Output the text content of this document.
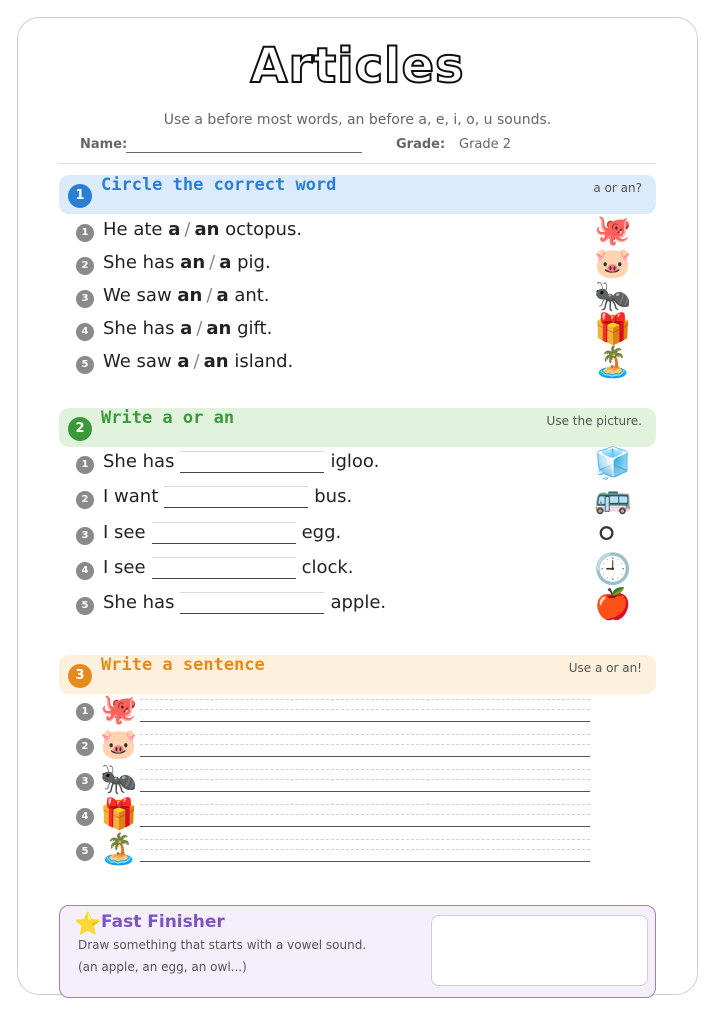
Articles
Use a before most words, an before a, e, i, o, u sounds.
Name:	Grade: Grade 2
1
Circle the correct word	a or an?
1 He ate a / an octopus.	🐙
2 She has an / a pig.	🐷
3 We saw an / a ant.	🐜
4 She has a / an gift.	🎁
5 We saw a / an island.	🏝️
2
Write a or an	Use the picture.
1 She has	igloo.	🧊
2 I want	bus.	🚌
3 I see	egg.	⚪
4 I see	clock.	🕘
5 She has	apple.	🍎
3
Write a sentence	Use a or an!
1 🐙
2 🐷
3 🐜
4 🎁
5 🏝️
⭐ Fast Finisher
Draw something that starts with a vowel sound.
(an apple, an egg, an owl...)
